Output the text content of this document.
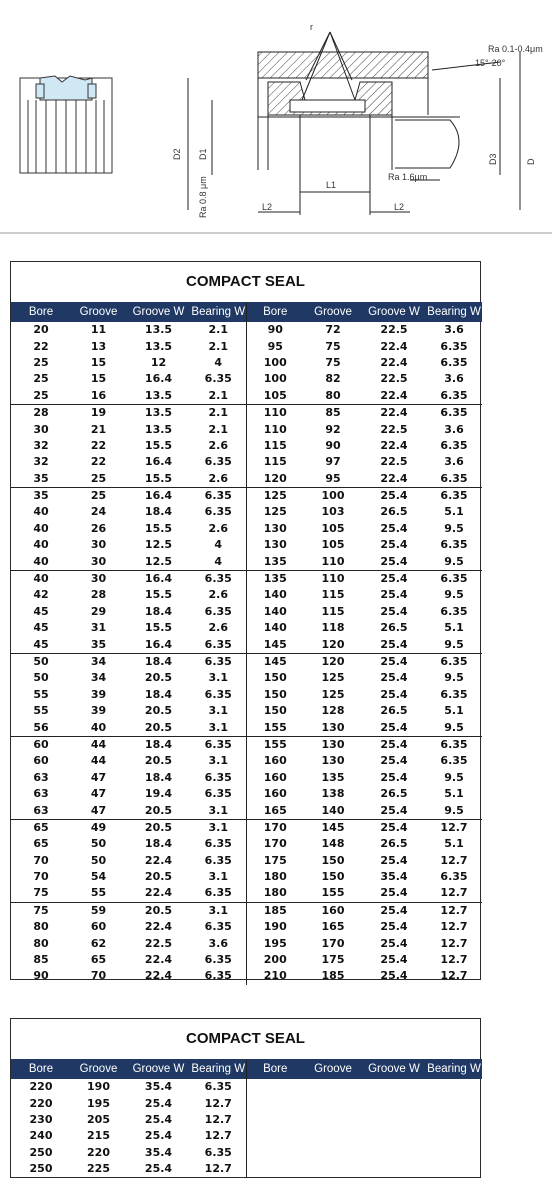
r
Ra 0.1-0.4μm
15°-20°
D2 D1
Ra 0.8 μm	L1
Ra 1.6μm
L2	L2
D3	D
COMPACT SEAL
Bore	Groove	Groove W	Bearing W	Bore	Groove	Groove W	Bearing W
20	11	13.5	2.1	90	72	22.5	3.6
22	13	13.5	2.1	95	75	22.4	6.35
25	15	12	4	100	75	22.4	6.35
25	15	16.4	6.35	100	82	22.5	3.6
25	16	13.5	2.1	105	80	22.4	6.35
28	19	13.5	2.1	110	85	22.4	6.35
30	21	13.5	2.1	110	92	22.5	3.6
32	22	15.5	2.6	115	90	22.4	6.35
32	22	16.4	6.35	115	97	22.5	3.6
35	25	15.5	2.6	120	95	22.4	6.35
35	25	16.4	6.35	125	100	25.4	6.35
40	24	18.4	6.35	125	103	26.5	5.1
40	26	15.5	2.6	130	105	25.4	9.5
40	30	12.5	4	130	105	25.4	6.35
40	30	12.5	4	135	110	25.4	9.5
40	30	16.4	6.35	135	110	25.4	6.35
42	28	15.5	2.6	140	115	25.4	9.5
45	29	18.4	6.35	140	115	25.4	6.35
45	31	15.5	2.6	140	118	26.5	5.1
45	35	16.4	6.35	145	120	25.4	9.5
50	34	18.4	6.35	145	120	25.4	6.35
50	34	20.5	3.1	150	125	25.4	9.5
55	39	18.4	6.35	150	125	25.4	6.35
55	39	20.5	3.1	150	128	26.5	5.1
56	40	20.5	3.1	155	130	25.4	9.5
60	44	18.4	6.35	155	130	25.4	6.35
60	44	20.5	3.1	160	130	25.4	6.35
63	47	18.4	6.35	160	135	25.4	9.5
63	47	19.4	6.35	160	138	26.5	5.1
63	47	20.5	3.1	165	140	25.4	9.5
65	49	20.5	3.1	170	145	25.4	12.7
65	50	18.4	6.35	170	148	26.5	5.1
70	50	22.4	6.35	175	150	25.4	12.7
70	54	20.5	3.1	180	150	35.4	6.35
75	55	22.4	6.35	180	155	25.4	12.7
75	59	20.5	3.1	185	160	25.4	12.7
80	60	22.4	6.35	190	165	25.4	12.7
80	62	22.5	3.6	195	170	25.4	12.7
85	65	22.4	6.35	200	175	25.4	12.7
90	70	22.4	6.35	210	185	25.4	12.7
COMPACT SEAL
Bore	Groove	Groove W	Bearing W	Bore	Groove	Groove W	Bearing W
220	190	35.4	6.35				
220	195	25.4	12.7				
230	205	25.4	12.7				
240	215	25.4	12.7				
250	220	35.4	6.35				
250	225	25.4	12.7				
